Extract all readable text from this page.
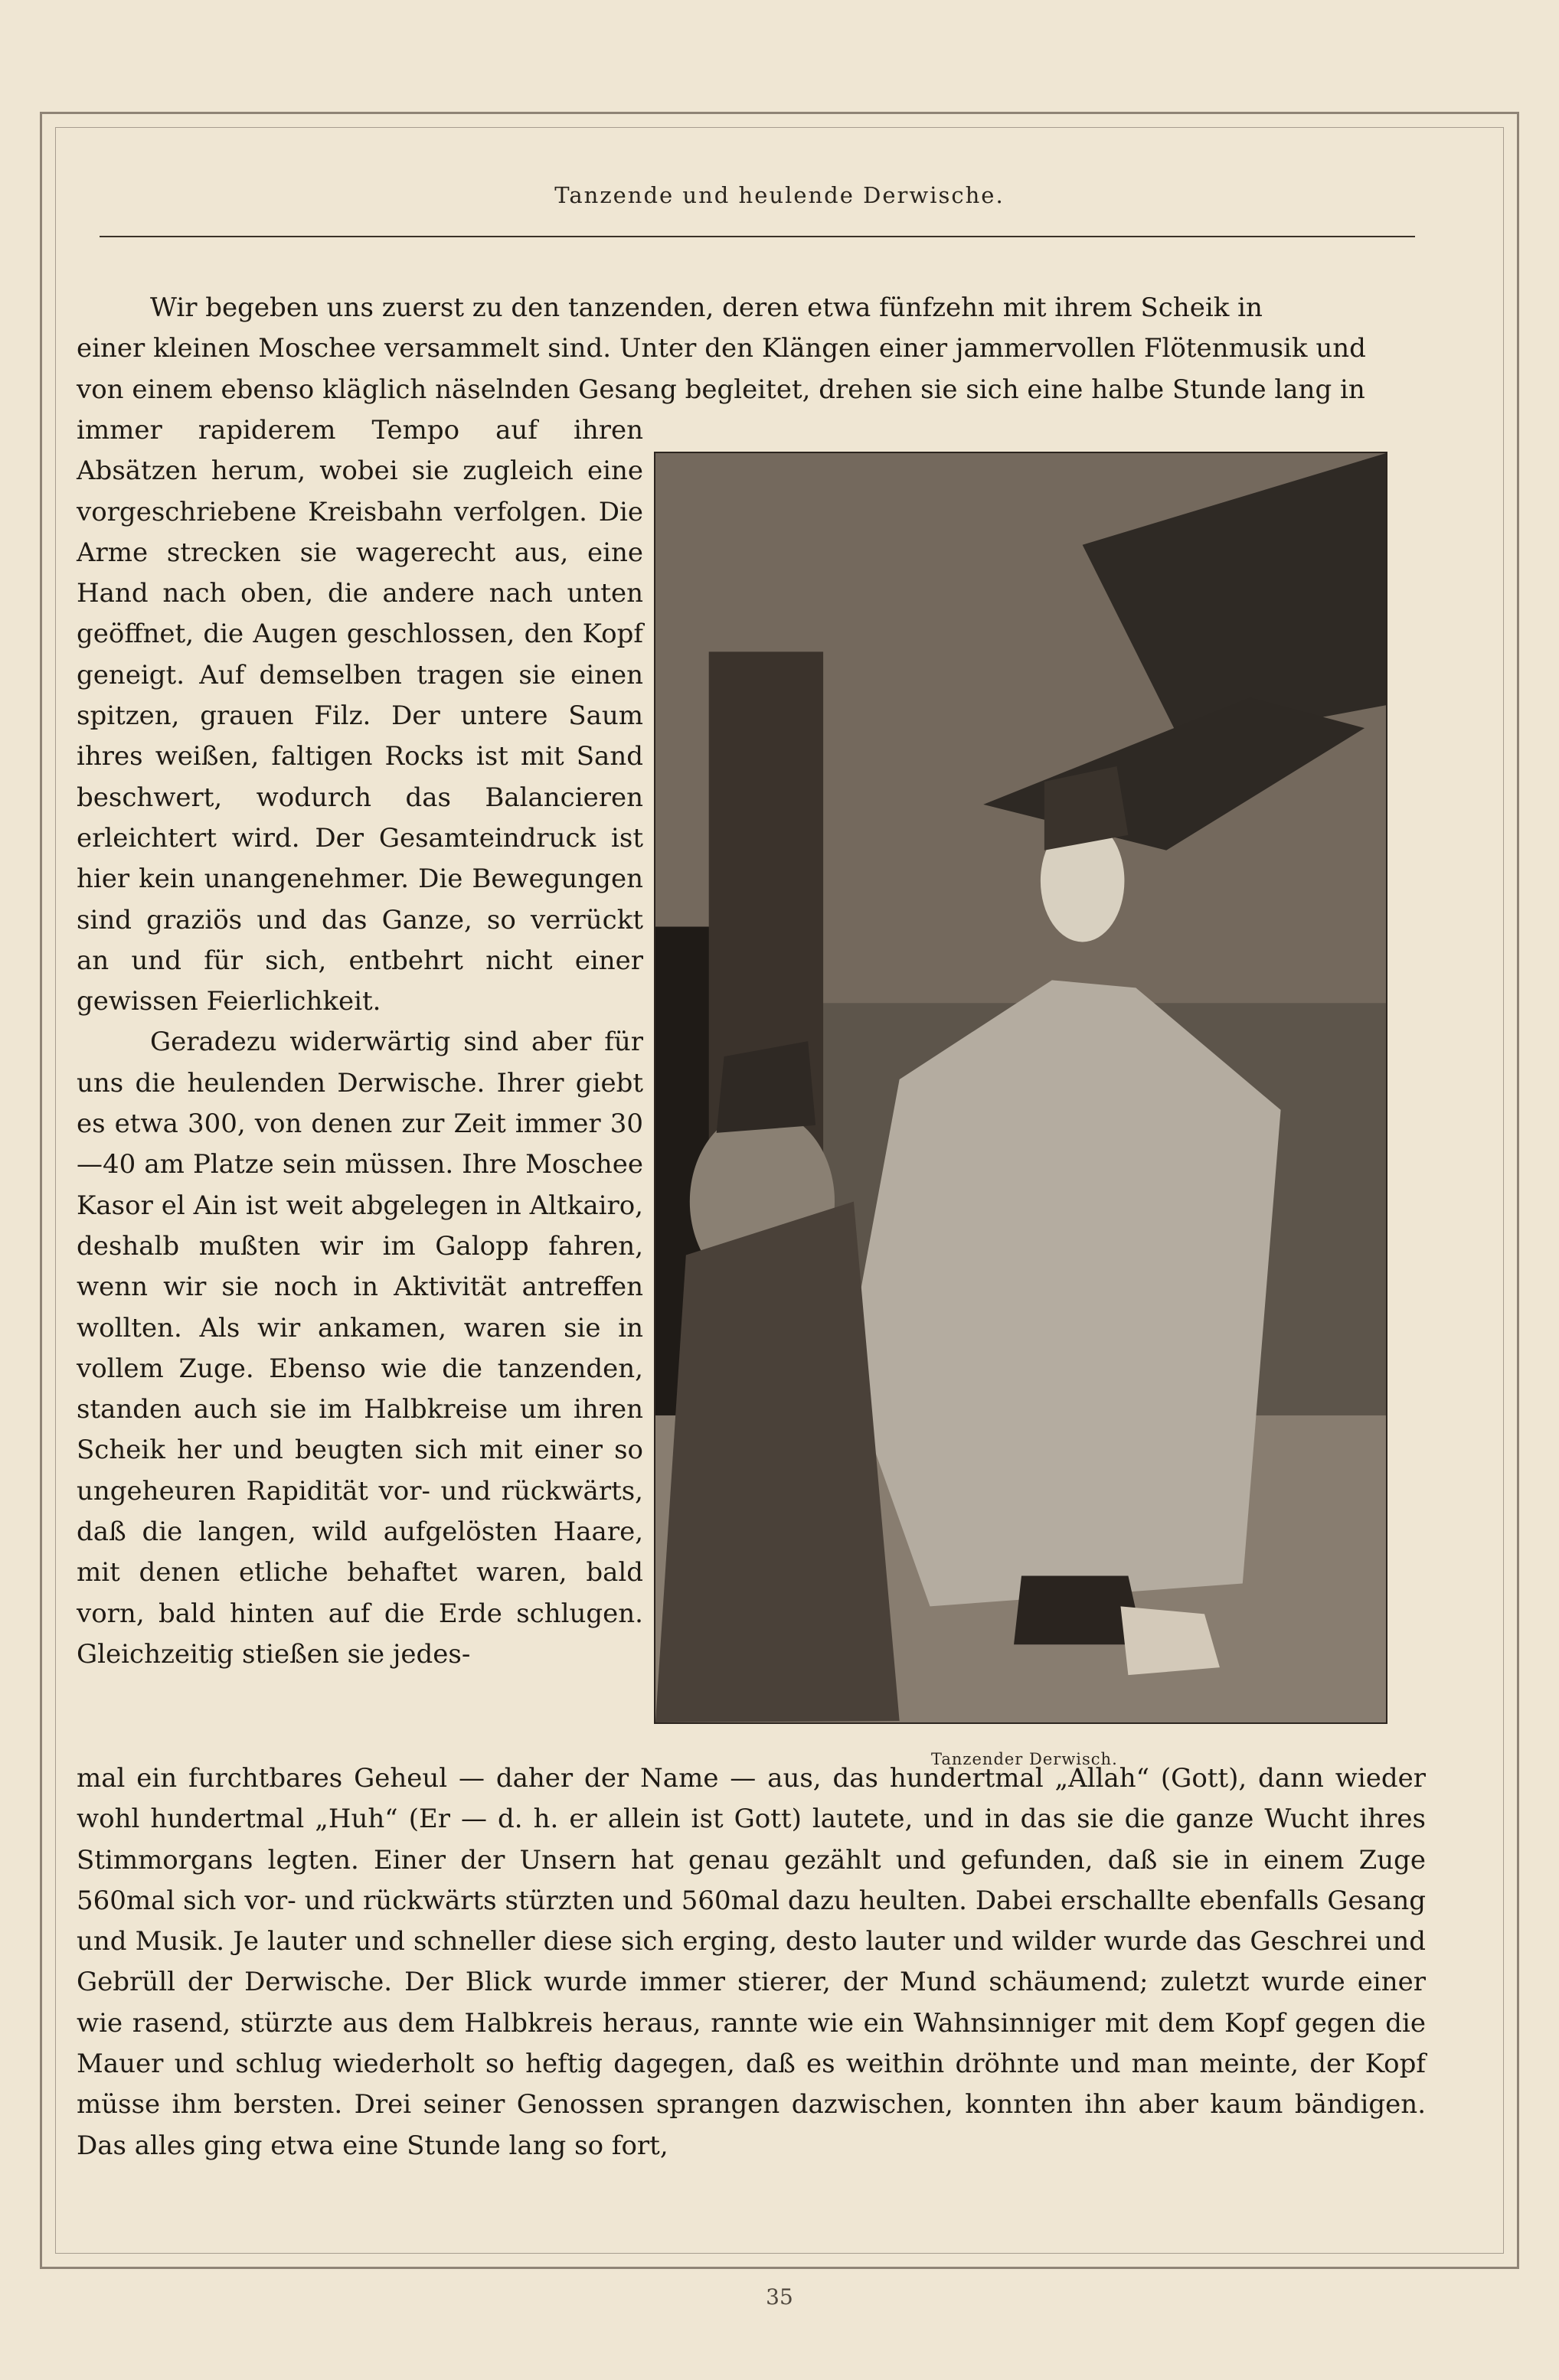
Tanzende und heulende Derwische.

Wir begeben uns zuerst zu den tanzenden, deren etwa fünfzehn mit ihrem Scheik in

einer kleinen Moschee versammelt sind. Unter den Klängen einer jammervollen Flötenmusik und

von einem ebenso kläglich näselnden Gesang begleitet, drehen sie sich eine halbe Stunde lang in

immer rapiderem Tempo auf ihren Absätzen herum, wobei sie zugleich eine vorgeschriebene Kreisbahn verfolgen. Die Arme strecken sie wagerecht aus, eine Hand nach oben, die andere nach unten geöffnet, die Augen geschlossen, den Kopf geneigt. Auf demselben tragen sie einen spitzen, grauen Filz. Der untere Saum ihres weißen, faltigen Rocks ist mit Sand beschwert, wodurch das Balancieren erleichtert wird. Der Gesamteindruck ist hier kein unangenehmer. Die Bewegungen sind graziös und das Ganze, so verrückt an und für sich, entbehrt nicht einer gewissen Feierlichkeit.

Geradezu widerwärtig sind aber für uns die heulenden Derwische. Ihrer giebt es etwa 300, von denen zur Zeit immer 30—40 am Platze sein müssen. Ihre Moschee Kasor el Ain ist weit abgelegen in Altkairo, deshalb mußten wir im Galopp fahren, wenn wir sie noch in Aktivität antreffen wollten. Als wir ankamen, waren sie in vollem Zuge. Ebenso wie die tanzenden, standen auch sie im Halbkreise um ihren Scheik her und beugten sich mit einer so ungeheuren Rapidität vor- und rückwärts, daß die langen, wild aufgelösten Haare, mit denen etliche behaftet waren, bald vorn, bald hinten auf die Erde schlugen. Gleichzeitig stießen sie jedes-

Tanzender Derwisch.

mal ein furchtbares Geheul — daher der Name — aus, das hundertmal „Allah“ (Gott), dann wieder wohl hundertmal „Huh“ (Er — d. h. er allein ist Gott) lautete, und in das sie die ganze Wucht ihres Stimmorgans legten. Einer der Unsern hat genau gezählt und gefunden, daß sie in einem Zuge 560mal sich vor- und rückwärts stürzten und 560mal dazu heulten. Dabei erschallte ebenfalls Gesang und Musik. Je lauter und schneller diese sich erging, desto lauter und wilder wurde das Geschrei und Gebrüll der Derwische. Der Blick wurde immer stierer, der Mund schäumend; zuletzt wurde einer wie rasend, stürzte aus dem Halbkreis heraus, rannte wie ein Wahnsinniger mit dem Kopf gegen die Mauer und schlug wiederholt so heftig dagegen, daß es weithin dröhnte und man meinte, der Kopf müsse ihm bersten. Drei seiner Genossen sprangen dazwischen, konnten ihn aber kaum bändigen. Das alles ging etwa eine Stunde lang so fort,

35
